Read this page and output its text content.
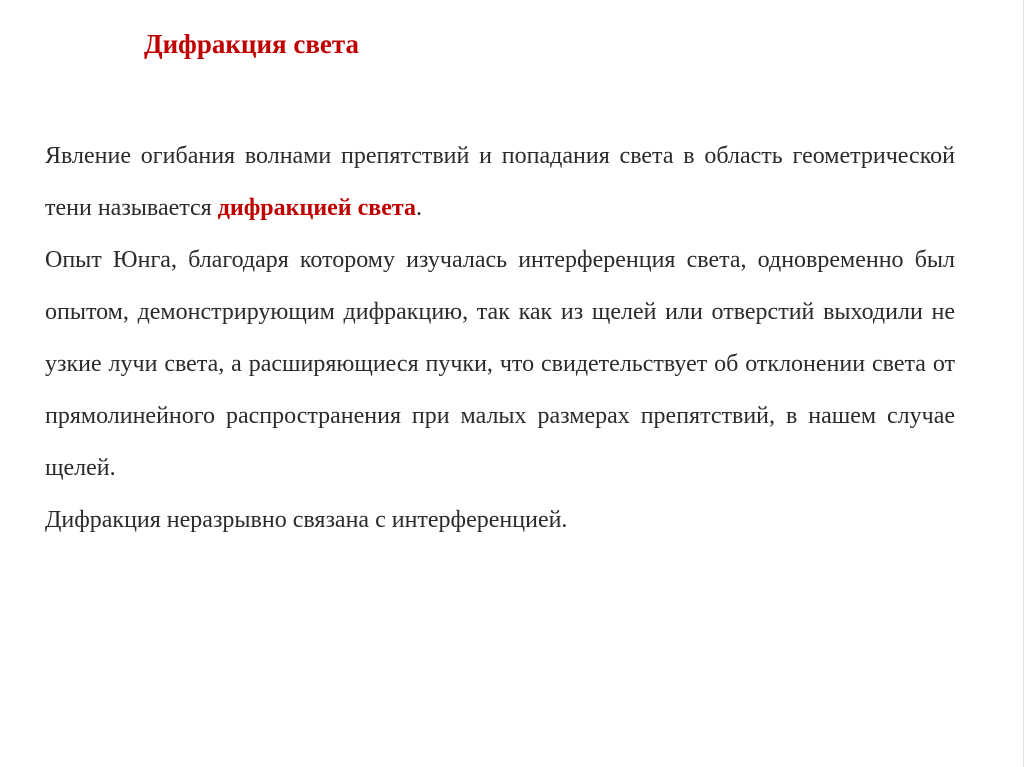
Дифракция света

Явление огибания волнами препятствий и попадания света в область геометрической тени называется дифракцией света.

Опыт Юнга, благодаря которому изучалась интерференция света, одновременно был опытом, демонстрирующим дифракцию, так как из щелей или отверстий выходили не узкие лучи света, а расширяющиеся пучки, что свидетельствует об отклонении света от прямолинейного распространения при малых размерах препятствий, в нашем случае щелей.

Дифракция неразрывно связана с интерференцией.
